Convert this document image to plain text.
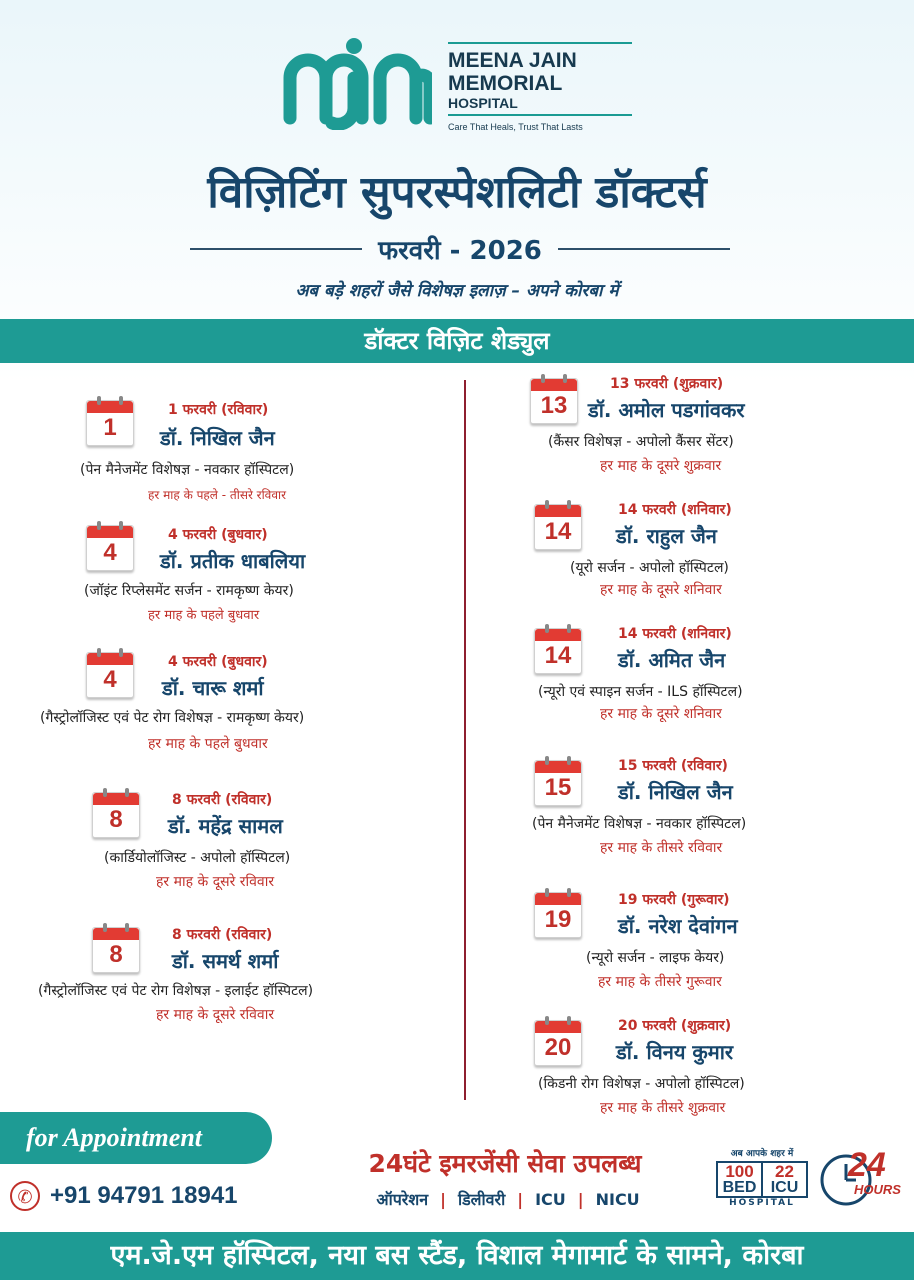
MEENA JAIN
MEMORIAL
HOSPITAL
Care That Heals, Trust That Lasts
विज़िटिंग सुपरस्पेशलिटी डॉक्टर्स
फरवरी - 2026
अब बड़े शहरों जैसे विशेषज्ञ इलाज़ – अपने कोरबा में
डॉक्टर विज़िट शेड्युल
1
1 फरवरी (रविवार)
डॉ. निखिल जैन
(पेन मैनेजमेंट विशेषज्ञ - नवकार हॉस्पिटल)
हर माह के पहले - तीसरे रविवार
4
4 फरवरी (बुधवार)
डॉ. प्रतीक धाबलिया
(जॉइंट रिप्लेसमेंट सर्जन - रामकृष्ण केयर)
हर माह के पहले बुधवार
4
4 फरवरी (बुधवार)
डॉ. चारू शर्मा
(गैस्ट्रोलॉजिस्ट एवं पेट रोग विशेषज्ञ - रामकृष्ण केयर)
हर माह के पहले बुधवार
8
8 फरवरी (रविवार)
डॉ. महेंद्र सामल
(कार्डियोलॉजिस्ट - अपोलो हॉस्पिटल)
हर माह के दूसरे रविवार
8
8 फरवरी (रविवार)
डॉ. समर्थ शर्मा
(गैस्ट्रोलॉजिस्ट एवं पेट रोग विशेषज्ञ - इलाईट हॉस्पिटल)
हर माह के दूसरे रविवार
13
13 फरवरी (शुक्रवार)
डॉ. अमोल पडगांवकर
(कैंसर विशेषज्ञ - अपोलो कैंसर सेंटर)
हर माह के दूसरे शुक्रवार
14
14 फरवरी (शनिवार)
डॉ. राहुल जैन
(यूरो सर्जन - अपोलो हॉस्पिटल)
हर माह के दूसरे शनिवार
14
14 फरवरी (शनिवार)
डॉ. अमित जैन
(न्यूरो एवं स्पाइन सर्जन - ILS हॉस्पिटल)
हर माह के दूसरे शनिवार
15
15 फरवरी (रविवार)
डॉ. निखिल जैन
(पेन मैनेजमेंट विशेषज्ञ - नवकार हॉस्पिटल)
हर माह के तीसरे रविवार
19
19 फरवरी (गुरूवार)
डॉ. नरेश देवांगन
(न्यूरो सर्जन - लाइफ केयर)
हर माह के तीसरे गुरूवार
20
20 फरवरी (शुक्रवार)
डॉ. विनय कुमार
(किडनी रोग विशेषज्ञ - अपोलो हॉस्पिटल)
हर माह के तीसरे शुक्रवार
for Appointment
✆ +91 94791 18941
24घंटे इमरजेंसी सेवा उपलब्ध
ऑपरेशन | डिलीवरी | ICU | NICU
अब आपके शहर में
100
BED
22
ICU
HOSPITAL
24
HOURS
एम.जे.एम हॉस्पिटल, नया बस स्टैंड, विशाल मेगामार्ट के सामने, कोरबा
